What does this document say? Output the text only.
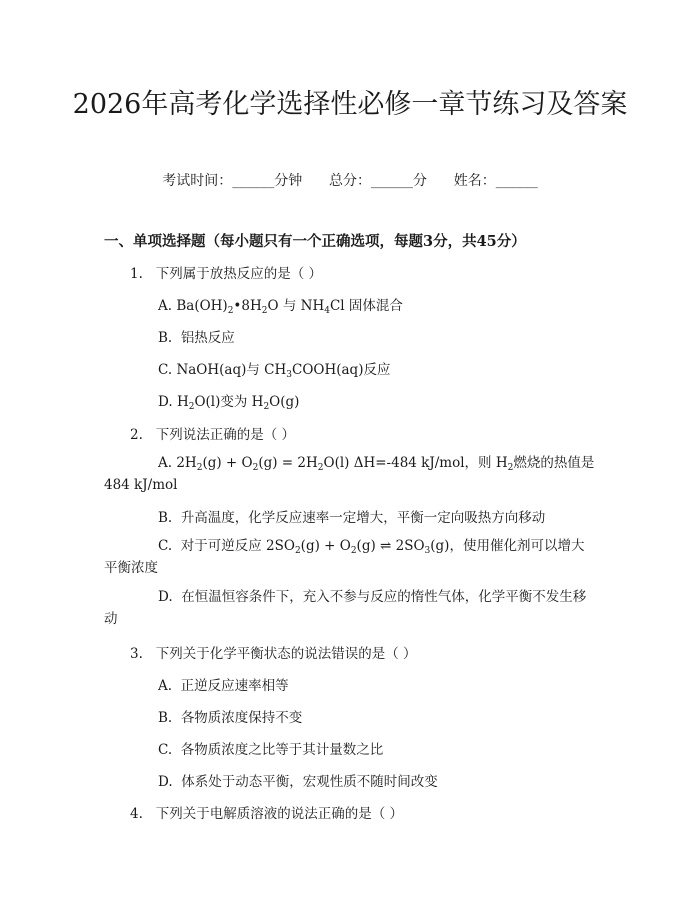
2026年高考化学选择性必修一章节练习及答案
考试时间：______分钟 总分：______分 姓名：______
一、单项选择题（每小题只有一个正确选项，每题3分，共45分）
1. 下列属于放热反应的是（ ）
A. $Ba(OH)_2•8H_2O$ 与 $NH_4Cl$ 固体混合
B. 铝热反应
C. NaOH(aq)与 $CH_3COOH(aq)$反应
D. $H_2O(l)$变为 $H_2O(g)$
2. 下列说法正确的是（ ）
A. $2H_2(g) + O_2(g) = 2H_2O(l)$ ΔH=-484 kJ/mol，则 $H_2$燃烧的热值是 484 kJ/mol
B. 升高温度，化学反应速率一定增大，平衡一定向吸热方向移动
C. 对于可逆反应 $2SO_2(g) + O_2(g)$ ⇌ $2SO_3(g)$，使用催化剂可以增大平衡浓度
D. 在恒温恒容条件下，充入不参与反应的惰性气体，化学平衡不发生移动
3. 下列关于化学平衡状态的说法错误的是（ ）
A. 正逆反应速率相等
B. 各物质浓度保持不变
C. 各物质浓度之比等于其计量数之比
D. 体系处于动态平衡，宏观性质不随时间改变
4. 下列关于电解质溶液的说法正确的是（ ）
